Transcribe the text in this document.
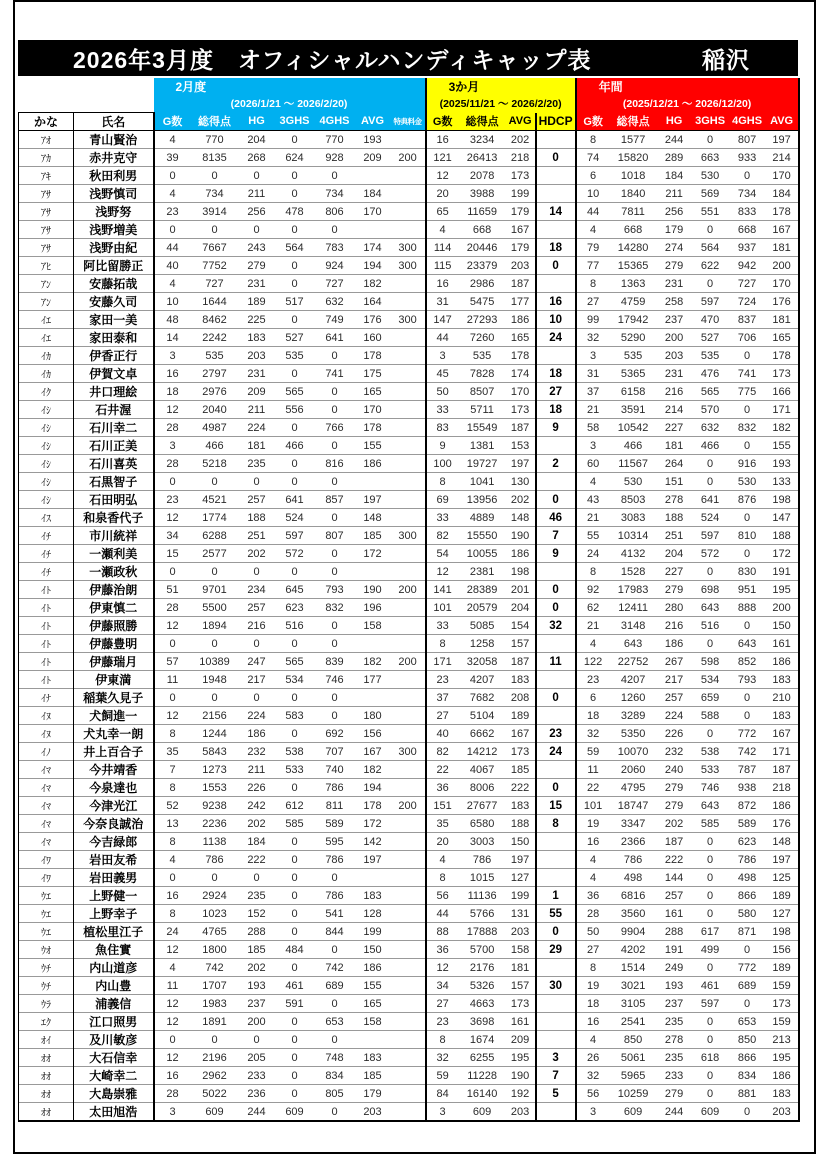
2026年3月度　オフィシャルハンディキャップ表	稲沢
		2月度							3か月				年間					
		(2026/1/21 ～ 2026/2/20)							(2025/11/21 ～ 2026/2/20)				(2025/12/21 ～ 2026/12/20)					
かな	氏名	G数	総得点	HG	3GHS	4GHS	AVG	特典料金	G数	総得点	AVG	HDCP	G数	総得点	HG	3GHS	4GHS	AVG
ｱｵ	青山賢治	4	770	204	0	770	193		16	3234	202		8	1577	244	0	807	197
ｱｶ	赤井克守	39	8135	268	624	928	209	200	121	26413	218	0	74	15820	289	663	933	214
ｱｷ	秋田利男	0	0	0	0	0			12	2078	173		6	1018	184	530	0	170
ｱｻ	浅野慎司	4	734	211	0	734	184		20	3988	199		10	1840	211	569	734	184
ｱｻ	浅野努	23	3914	256	478	806	170		65	11659	179	14	44	7811	256	551	833	178
ｱｻ	浅野増美	0	0	0	0	0			4	668	167		4	668	179	0	668	167
ｱｻ	浅野由紀	44	7667	243	564	783	174	300	114	20446	179	18	79	14280	274	564	937	181
ｱﾋ	阿比留勝正	40	7752	279	0	924	194	300	115	23379	203	0	77	15365	279	622	942	200
ｱﾝ	安藤拓哉	4	727	231	0	727	182		16	2986	187		8	1363	231	0	727	170
ｱﾝ	安藤久司	10	1644	189	517	632	164		31	5475	177	16	27	4759	258	597	724	176
ｲｴ	家田一美	48	8462	225	0	749	176	300	147	27293	186	10	99	17942	237	470	837	181
ｲｴ	家田泰和	14	2242	183	527	641	160		44	7260	165	24	32	5290	200	527	706	165
ｲｶ	伊香正行	3	535	203	535	0	178		3	535	178		3	535	203	535	0	178
ｲｶ	伊賀文卓	16	2797	231	0	741	175		45	7828	174	18	31	5365	231	476	741	173
ｲｸ	井口理絵	18	2976	209	565	0	165		50	8507	170	27	37	6158	216	565	775	166
ｲｼ	石井渥	12	2040	211	556	0	170		33	5711	173	18	21	3591	214	570	0	171
ｲｼ	石川幸二	28	4987	224	0	766	178		83	15549	187	9	58	10542	227	632	832	182
ｲｼ	石川正美	3	466	181	466	0	155		9	1381	153		3	466	181	466	0	155
ｲｼ	石川喜英	28	5218	235	0	816	186		100	19727	197	2	60	11567	264	0	916	193
ｲｼ	石黒智子	0	0	0	0	0			8	1041	130		4	530	151	0	530	133
ｲｼ	石田明弘	23	4521	257	641	857	197		69	13956	202	0	43	8503	278	641	876	198
ｲｽ	和泉香代子	12	1774	188	524	0	148		33	4889	148	46	21	3083	188	524	0	147
ｲﾁ	市川統祥	34	6288	251	597	807	185	300	82	15550	190	7	55	10314	251	597	810	188
ｲﾁ	一瀬利美	15	2577	202	572	0	172		54	10055	186	9	24	4132	204	572	0	172
ｲﾁ	一瀬政秋	0	0	0	0	0			12	2381	198		8	1528	227	0	830	191
ｲﾄ	伊藤治朗	51	9701	234	645	793	190	200	141	28389	201	0	92	17983	279	698	951	195
ｲﾄ	伊東慎二	28	5500	257	623	832	196		101	20579	204	0	62	12411	280	643	888	200
ｲﾄ	伊藤照勝	12	1894	216	516	0	158		33	5085	154	32	21	3148	216	516	0	150
ｲﾄ	伊藤豊明	0	0	0	0	0			8	1258	157		4	643	186	0	643	161
ｲﾄ	伊藤瑞月	57	10389	247	565	839	182	200	171	32058	187	11	122	22752	267	598	852	186
ｲﾄ	伊東満	11	1948	217	534	746	177		23	4207	183		23	4207	217	534	793	183
ｲﾅ	稲葉久見子	0	0	0	0	0			37	7682	208	0	6	1260	257	659	0	210
ｲﾇ	犬飼進一	12	2156	224	583	0	180		27	5104	189		18	3289	224	588	0	183
ｲﾇ	犬丸幸一朗	8	1244	186	0	692	156		40	6662	167	23	32	5350	226	0	772	167
ｲﾉ	井上百合子	35	5843	232	538	707	167	300	82	14212	173	24	59	10070	232	538	742	171
ｲﾏ	今井靖香	7	1273	211	533	740	182		22	4067	185		11	2060	240	533	787	187
ｲﾏ	今泉達也	8	1553	226	0	786	194		36	8006	222	0	22	4795	279	746	938	218
ｲﾏ	今津光江	52	9238	242	612	811	178	200	151	27677	183	15	101	18747	279	643	872	186
ｲﾏ	今奈良誠治	13	2236	202	585	589	172		35	6580	188	8	19	3347	202	585	589	176
ｲﾏ	今吉緑郎	8	1138	184	0	595	142		20	3003	150		16	2366	187	0	623	148
ｲﾜ	岩田友希	4	786	222	0	786	197		4	786	197		4	786	222	0	786	197
ｲﾜ	岩田義男	0	0	0	0	0			8	1015	127		4	498	144	0	498	125
ｳｴ	上野健一	16	2924	235	0	786	183		56	11136	199	1	36	6816	257	0	866	189
ｳｴ	上野幸子	8	1023	152	0	541	128		44	5766	131	55	28	3560	161	0	580	127
ｳｴ	植松里江子	24	4765	288	0	844	199		88	17888	203	0	50	9904	288	617	871	198
ｳｵ	魚住實	12	1800	185	484	0	150		36	5700	158	29	27	4202	191	499	0	156
ｳﾁ	内山道彦	4	742	202	0	742	186		12	2176	181		8	1514	249	0	772	189
ｳﾁ	内山豊	11	1707	193	461	689	155		34	5326	157	30	19	3021	193	461	689	159
ｳﾗ	浦義信	12	1983	237	591	0	165		27	4663	173		18	3105	237	597	0	173
ｴｸ	江口照男	12	1891	200	0	653	158		23	3698	161		16	2541	235	0	653	159
ｵｲ	及川敏彦	0	0	0	0	0			8	1674	209		4	850	278	0	850	213
ｵｵ	大石信幸	12	2196	205	0	748	183		32	6255	195	3	26	5061	235	618	866	195
ｵｵ	大崎幸二	16	2962	233	0	834	185		59	11228	190	7	32	5965	233	0	834	186
ｵｵ	大島崇雅	28	5022	236	0	805	179		84	16140	192	5	56	10259	279	0	881	183
ｵｵ	太田旭浩	3	609	244	609	0	203		3	609	203		3	609	244	609	0	203
